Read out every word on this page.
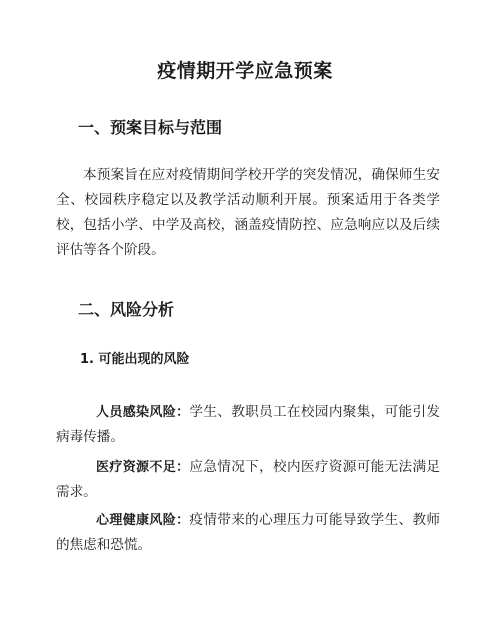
疫情期开学应急预案
一、预案目标与范围

本预案旨在应对疫情期间学校开学的突发情况，确保师生安全、校园秩序稳定以及教学活动顺利开展。预案适用于各类学校，包括小学、中学及高校，涵盖疫情防控、应急响应以及后续评估等各个阶段。

二、风险分析
1. 可能出现的风险

人员感染风险：学生、教职员工在校园内聚集，可能引发病毒传播。

医疗资源不足：应急情况下，校内医疗资源可能无法满足需求。

心理健康风险：疫情带来的心理压力可能导致学生、教师的焦虑和恐慌。
